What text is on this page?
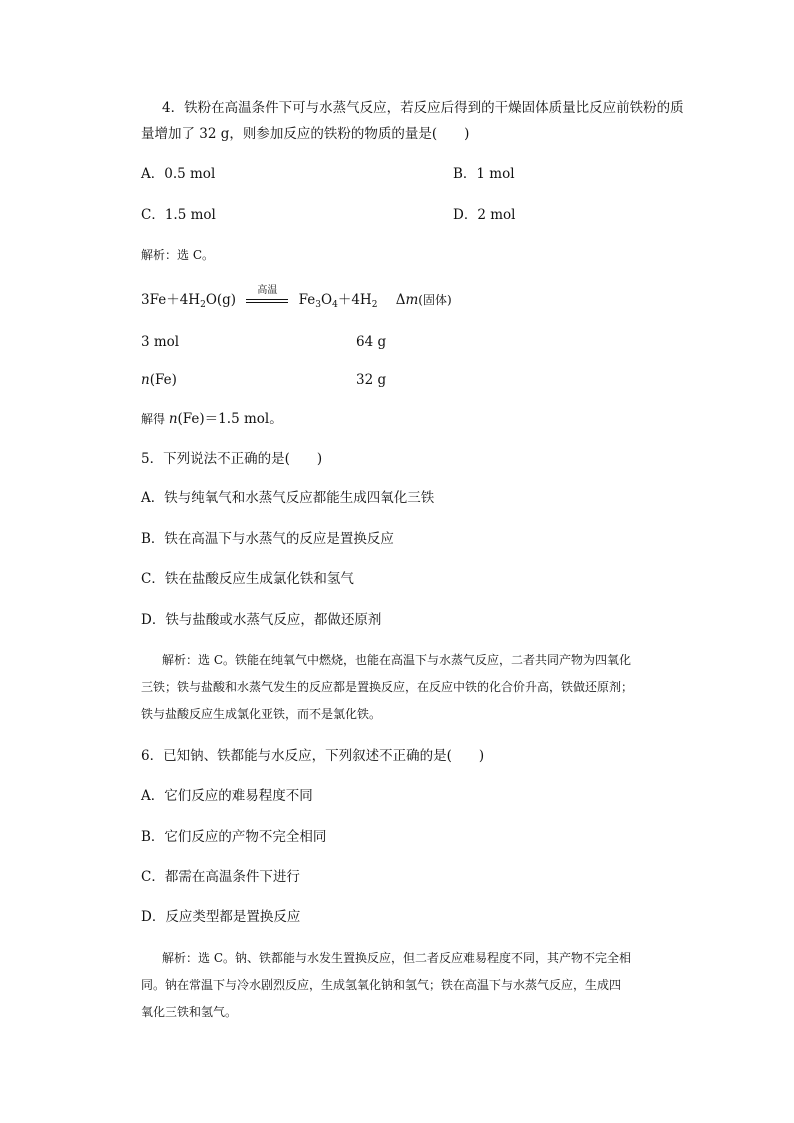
4．铁粉在高温条件下可与水蒸气反应，若反应后得到的干燥固体质量比反应前铁粉的质
量增加了 32 g，则参加反应的铁粉的物质的量是(　　)
A．0.5 mol	B．1 mol
C．1.5 mol	D．2 mol
解析：选 C。
$3Fe+4H_2O(g)$
高温
$Fe_3O_4+4H_2$ Δm(固体)
3 mol	64 g
n(Fe)	32 g
解得 n(Fe)＝1.5 mol。
5．下列说法不正确的是(　　)
A．铁与纯氧气和水蒸气反应都能生成四氧化三铁
B．铁在高温下与水蒸气的反应是置换反应
C．铁在盐酸反应生成氯化铁和氢气
D．铁与盐酸或水蒸气反应，都做还原剂
解析：选 C。铁能在纯氧气中燃烧，也能在高温下与水蒸气反应，二者共同产物为四氧化
三铁；铁与盐酸和水蒸气发生的反应都是置换反应，在反应中铁的化合价升高，铁做还原剂；
铁与盐酸反应生成氯化亚铁，而不是氯化铁。
6．已知钠、铁都能与水反应，下列叙述不正确的是(　　)
A．它们反应的难易程度不同
B．它们反应的产物不完全相同
C．都需在高温条件下进行
D．反应类型都是置换反应
解析：选 C。钠、铁都能与水发生置换反应，但二者反应难易程度不同，其产物不完全相
同。钠在常温下与冷水剧烈反应，生成氢氧化钠和氢气；铁在高温下与水蒸气反应，生成四
氧化三铁和氢气。
